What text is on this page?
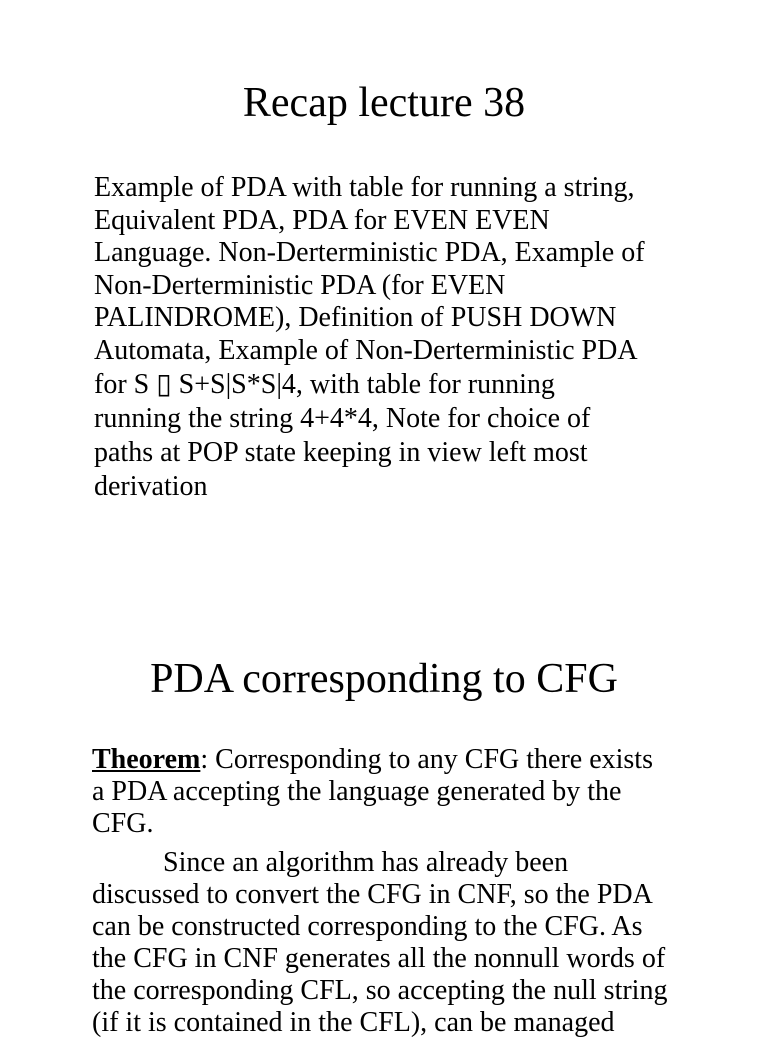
Recap lecture 38

Example of PDA with table for running a string,
Equivalent PDA, PDA for EVEN EVEN
Language. Non-Derterministic PDA, Example of
Non-Derterministic PDA (for EVEN
PALINDROME), Definition of PUSH DOWN
Automata, Example of Non-Derterministic PDA
for S ▯ S+S|S*S|4, with table for running
running the string 4+4*4, Note for choice of
paths at POP state keeping in view left most
derivation

PDA corresponding to CFG
Theorem: Corresponding to any CFG there exists
a PDA accepting the language generated by the
CFG.
Since an algorithm has already been
discussed to convert the CFG in CNF, so the PDA
can be constructed corresponding to the CFG. As
the CFG in CNF generates all the nonnull words of
the corresponding CFL, so accepting the null string
(if it is contained in the CFL), can be managed
